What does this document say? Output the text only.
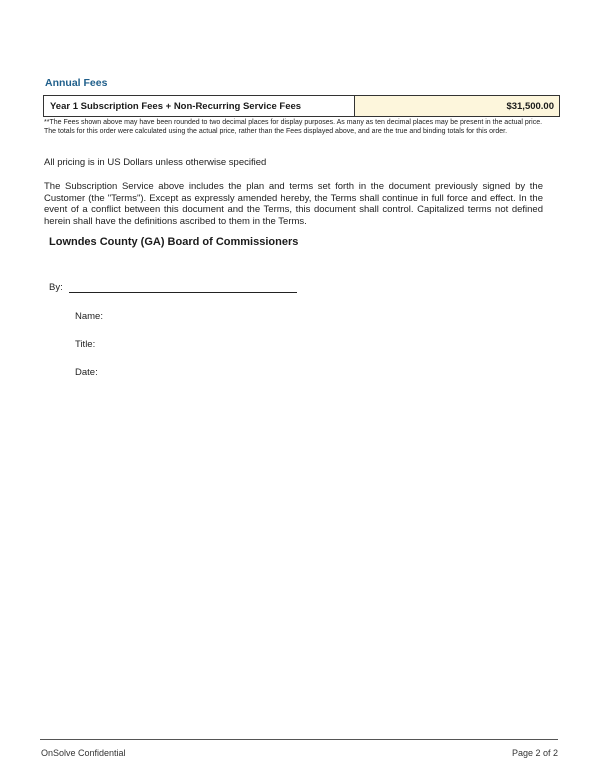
Annual Fees
Year 1 Subscription Fees + Non-Recurring Service Fees	$31,500.00
**The Fees shown above may have been rounded to two decimal places for display purposes. As many as ten decimal places may be present in the actual price. The totals for this order were calculated using the actual price, rather than the Fees displayed above, and are the true and binding totals for this order.
All pricing is in US Dollars unless otherwise specified
The Subscription Service above includes the plan and terms set forth in the document previously signed by the Customer (the "Terms"). Except as expressly amended hereby, the Terms shall continue in full force and effect. In the event of a conflict between this document and the Terms, this document shall control. Capitalized terms not defined herein shall have the definitions ascribed to them in the Terms.
Lowndes County (GA) Board of Commissioners
By:
Name:
Title:
Date:
OnSolve Confidential	Page 2 of 2
